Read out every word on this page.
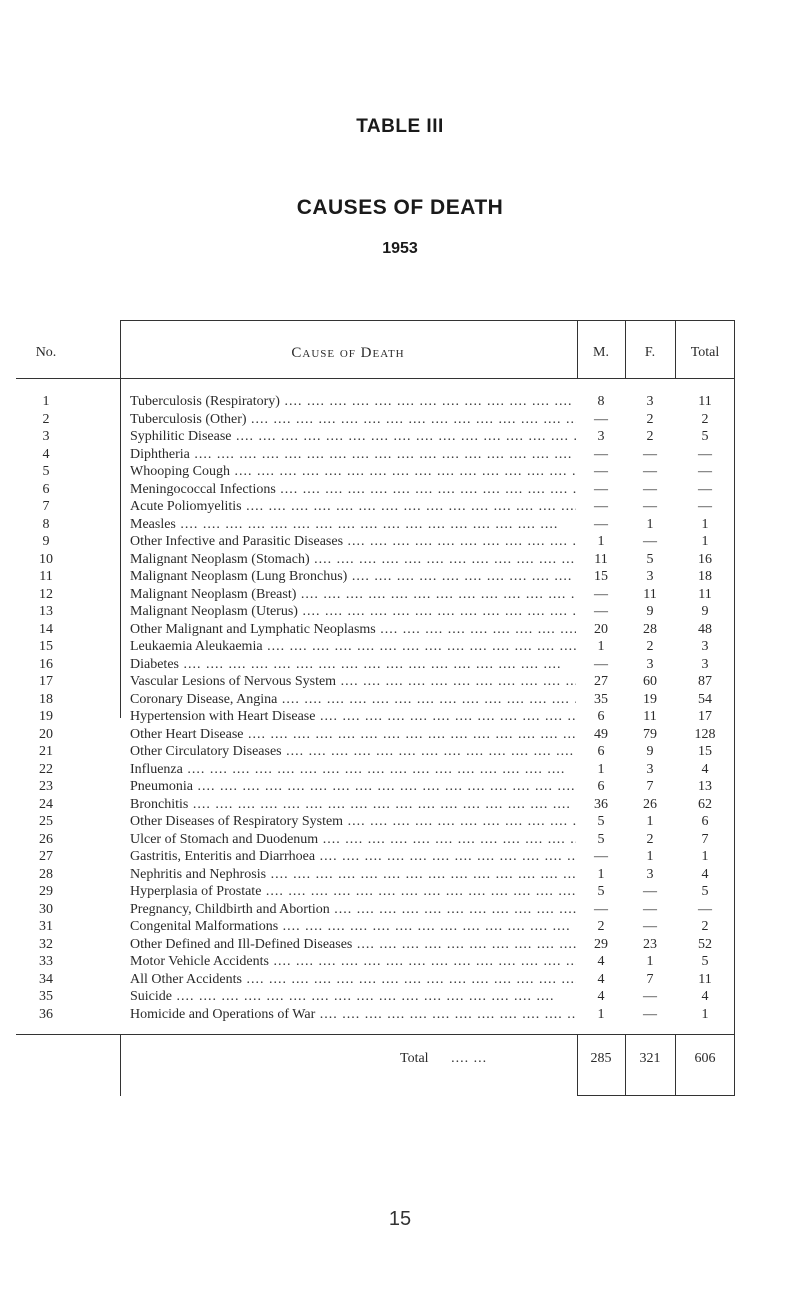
TABLE III
CAUSES OF DEATH
1953
No.	Cause of Death	M.	F.	Total
1	Tuberculosis (Respiratory) ....	8	3	11
2	Tuberculosis (Other) ....	—	2	2
3	Syphilitic Disease ....	3	2	5
4	Diphtheria ....	—	—	—
5	Whooping Cough ....	—	—	—
6	Meningococcal Infections ....	—	—	—
7	Acute Poliomyelitis ....	—	—	—
8	Measles ....	—	1	1
9	Other Infective and Parasitic Diseases ....	1	—	1
10	Malignant Neoplasm (Stomach) ....	11	5	16
11	Malignant Neoplasm (Lung Bronchus) ....	15	3	18
12	Malignant Neoplasm (Breast) ....	—	11	11
13	Malignant Neoplasm (Uterus) ....	—	9	9
14	Other Malignant and Lymphatic Neoplasms ....	20	28	48
15	Leukaemia Aleukaemia ....	1	2	3
16	Diabetes ....	—	3	3
17	Vascular Lesions of Nervous System ....	27	60	87
18	Coronary Disease, Angina ....	35	19	54
19	Hypertension with Heart Disease ....	6	11	17
20	Other Heart Disease ....	49	79	128
21	Other Circulatory Diseases ....	6	9	15
22	Influenza ....	1	3	4
23	Pneumonia ....	6	7	13
24	Bronchitis ....	36	26	62
25	Other Diseases of Respiratory System ....	5	1	6
26	Ulcer of Stomach and Duodenum ....	5	2	7
27	Gastritis, Enteritis and Diarrhoea ....	—	1	1
28	Nephritis and Nephrosis ....	1	3	4
29	Hyperplasia of Prostate ....	5	—	5
30	Pregnancy, Childbirth and Abortion ....	—	—	—
31	Congenital Malformations ....	2	—	2
32	Other Defined and Ill-Defined Diseases ....	29	23	52
33	Motor Vehicle Accidents ....	4	1	5
34	All Other Accidents ....	4	7	11
35	Suicide ....	4	—	4
36	Homicide and Operations of War ....	1	—	1
Total     .... ...	285	321	606
15
